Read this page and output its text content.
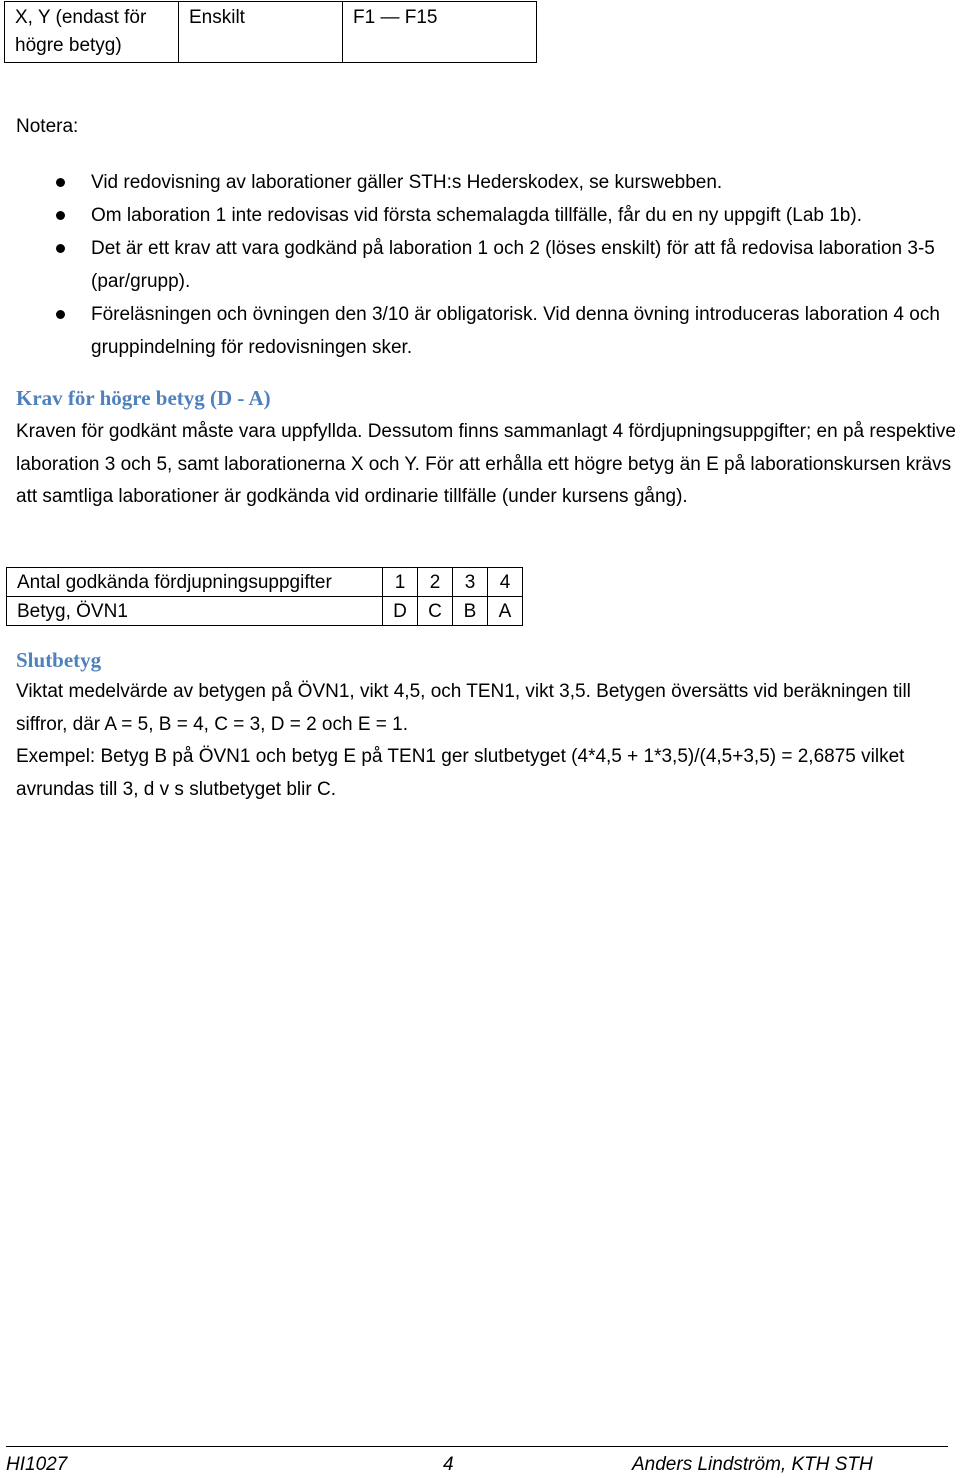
X, Y (endast för högre betyg)	Enskilt	F1 — F15

Notera:

Vid redovisning av laborationer gäller STH:s Hederskodex, se kurswebben.
Om laboration 1 inte redovisas vid första schemalagda tillfälle, får du en ny uppgift (Lab 1b).
Det är ett krav att vara godkänd på laboration 1 och 2 (löses enskilt) för att få redovisa laboration 3-5 (par/grupp).
Föreläsningen och övningen den 3/10 är obligatorisk. Vid denna övning introduceras laboration 4 och gruppindelning för redovisningen sker.
Krav för högre betyg (D - A)

Kraven för godkänt måste vara uppfyllda. Dessutom finns sammanlagt 4 fördjupningsuppgifter; en på respektive laboration 3 och 5, samt laborationerna X och Y. För att erhålla ett högre betyg än E på laborationskursen krävs att samtliga laborationer är godkända vid ordinarie tillfälle (under kursens gång).

Antal godkända fördjupningsuppgifter	1	2	3	4
Betyg, ÖVN1	D	C	B	A
Slutbetyg

Viktat medelvärde av betygen på ÖVN1, vikt 4,5, och TEN1, vikt 3,5. Betygen översätts vid beräkningen till siffror, där A = 5, B = 4, C = 3, D = 2 och E = 1.

Exempel: Betyg B på ÖVN1 och betyg E på TEN1 ger slutbetyget (4*4,5 + 1*3,5)/(4,5+3,5) = 2,6875 vilket avrundas till 3, d v s slutbetyget blir C.

HI1027	4	Anders Lindström, KTH STH
